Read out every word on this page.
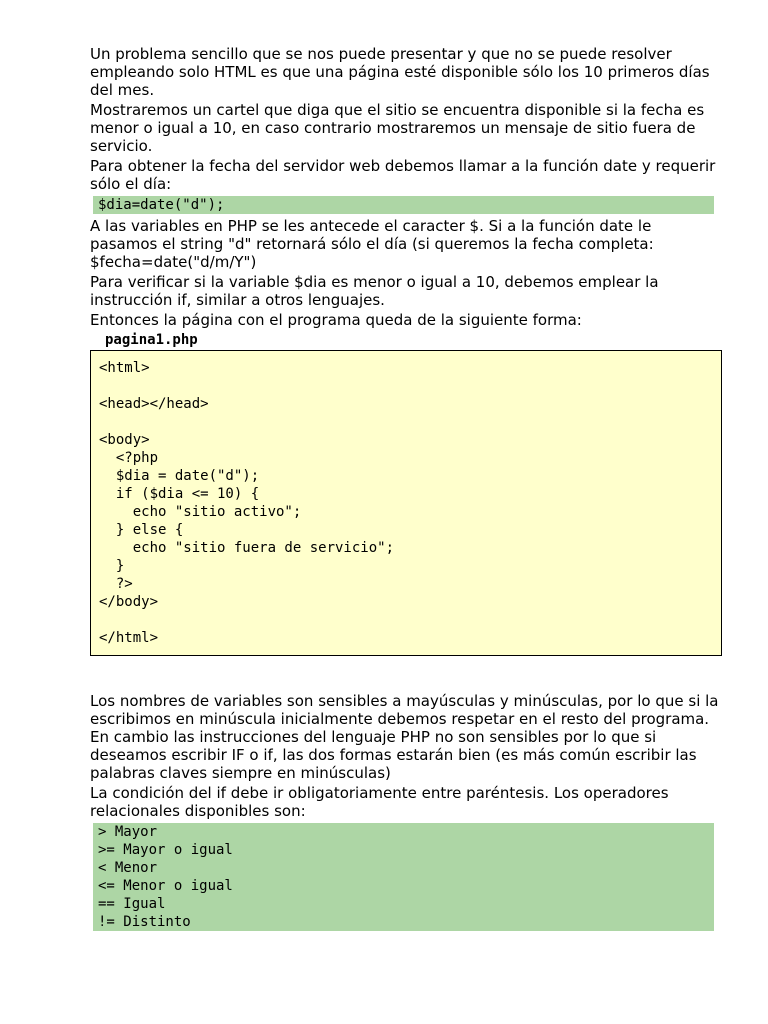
Un problema sencillo que se nos puede presentar y que no se puede resolver empleando solo HTML es que una página esté disponible sólo los 10 primeros días del mes.

Mostraremos un cartel que diga que el sitio se encuentra disponible si la fecha es menor o igual a 10, en caso contrario mostraremos un mensaje de sitio fuera de servicio.

Para obtener la fecha del servidor web debemos llamar a la función date y requerir sólo el día:

$dia=date("d");

A las variables en PHP se les antecede el caracter $. Si a la función date le pasamos el string "d" retornará sólo el día (si queremos la fecha completa: $fecha=date("d/m/Y")

Para verificar si la variable $dia es menor o igual a 10, debemos emplear la instrucción if, similar a otros lenguajes.

Entonces la página con el programa queda de la siguiente forma:

pagina1.php
<html>
<head></head>
<body>
<?php
$dia = date("d");
if ($dia <= 10) {
echo "sitio activo";
} else {
echo "sitio fuera de servicio";
}
?>
</body>
</html>

Los nombres de variables son sensibles a mayúsculas y minúsculas, por lo que si la escribimos en minúscula inicialmente debemos respetar en el resto del programa. En cambio las instrucciones del lenguaje PHP no son sensibles por lo que si deseamos escribir IF o if, las dos formas estarán bien (es más común escribir las palabras claves siempre en minúsculas)

La condición del if debe ir obligatoriamente entre paréntesis. Los operadores relacionales disponibles son:

> Mayor
>= Mayor o igual
< Menor
<= Menor o igual
== Igual
!= Distinto
